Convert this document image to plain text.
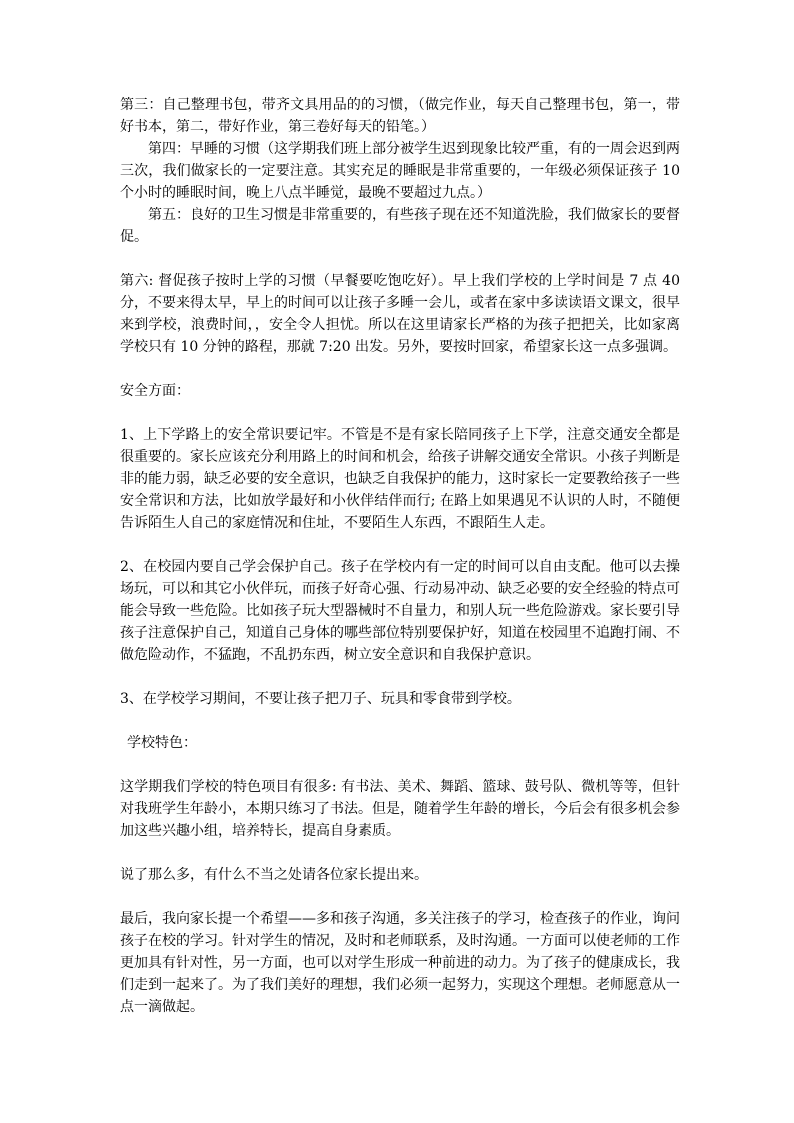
第三：自己整理书包，带齐文具用品的的习惯，（做完作业，每天自己整理书包，第一，带好书本，第二，带好作业，第三卷好每天的铅笔。）

第四：早睡的习惯（这学期我们班上部分被学生迟到现象比较严重，有的一周会迟到两三次，我们做家长的一定要注意。其实充足的睡眠是非常重要的，一年级必须保证孩子 10 个小时的睡眠时间，晚上八点半睡觉，最晚不要超过九点。）

第五：良好的卫生习惯是非常重要的，有些孩子现在还不知道洗脸，我们做家长的要督促。

第六: 督促孩子按时上学的习惯（早餐要吃饱吃好）。早上我们学校的上学时间是 7 点 40 分，不要来得太早，早上的时间可以让孩子多睡一会儿，或者在家中多读读语文课文，很早来到学校，浪费时间，，安全令人担忧。所以在这里请家长严格的为孩子把把关，比如家离学校只有 10 分钟的路程，那就 7:20 出发。另外，要按时回家，希望家长这一点多强调。

安全方面：

1、上下学路上的安全常识要记牢。不管是不是有家长陪同孩子上下学，注意交通安全都是很重要的。家长应该充分利用路上的时间和机会，给孩子讲解交通安全常识。小孩子判断是非的能力弱，缺乏必要的安全意识，也缺乏自我保护的能力，这时家长一定要教给孩子一些安全常识和方法，比如放学最好和小伙伴结伴而行; 在路上如果遇见不认识的人时，不随便告诉陌生人自己的家庭情况和住址，不要陌生人东西，不跟陌生人走。

2、在校园内要自己学会保护自己。孩子在学校内有一定的时间可以自由支配。他可以去操场玩，可以和其它小伙伴玩，而孩子好奇心强、行动易冲动、缺乏必要的安全经验的特点可能会导致一些危险。比如孩子玩大型器械时不自量力，和别人玩一些危险游戏。家长要引导孩子注意保护自己，知道自己身体的哪些部位特别要保护好，知道在校园里不追跑打闹、不做危险动作，不猛跑，不乱扔东西，树立安全意识和自我保护意识。

3、在学校学习期间，不要让孩子把刀子、玩具和零食带到学校。

学校特色：

这学期我们学校的特色项目有很多: 有书法、美术、舞蹈、篮球、鼓号队、微机等等，但针对我班学生年龄小，本期只练习了书法。但是，随着学生年龄的增长，今后会有很多机会参加这些兴趣小组，培养特长，提高自身素质。

说了那么多，有什么不当之处请各位家长提出来。

最后，我向家长提一个希望——多和孩子沟通，多关注孩子的学习，检查孩子的作业，询问孩子在校的学习。针对学生的情况，及时和老师联系，及时沟通。一方面可以使老师的工作更加具有针对性，另一方面，也可以对学生形成一种前进的动力。为了孩子的健康成长，我们走到一起来了。为了我们美好的理想，我们必须一起努力，实现这个理想。老师愿意从一点一滴做起。
